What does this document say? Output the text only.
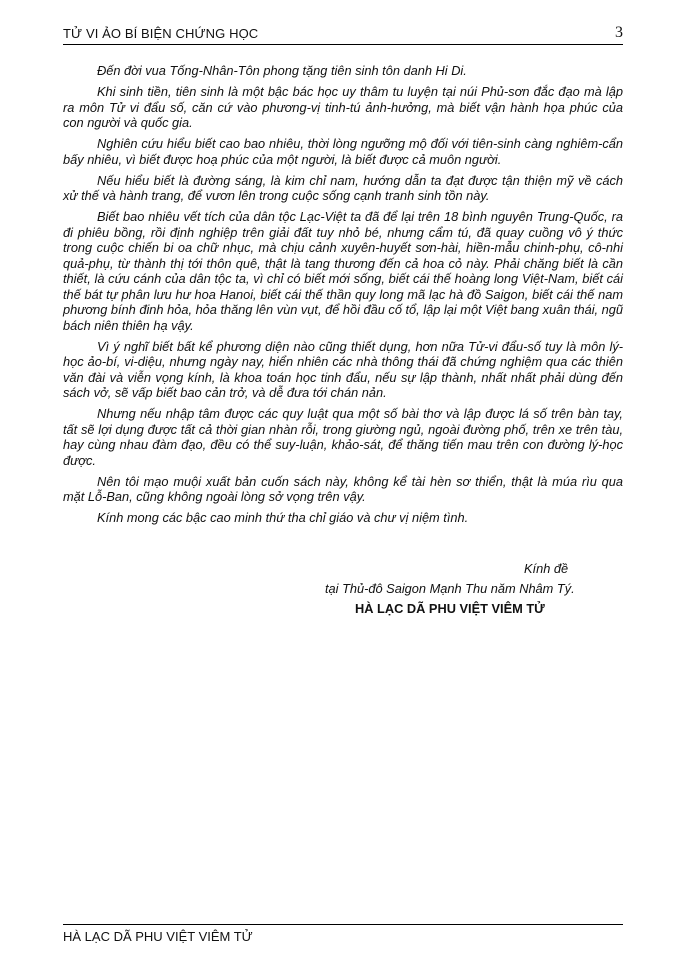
TỬ VI ẢO BÍ BIỆN CHỨNG HỌC	3

Đến đời vua Tống-Nhân-Tôn phong tặng tiên sinh tôn danh Hi Di.

Khi sinh tiền, tiên sinh là một bậc bác học uy thâm tu luyện tại núi Phủ-sơn đắc đạo mà lập ra môn Tử vi đẩu số, căn cứ vào phương-vị tinh-tú ảnh-hưởng, mà biết vận hành họa phúc của con người và quốc gia.

Nghiên cứu hiểu biết cao bao nhiêu, thời lòng ngưỡng mộ đối với tiên-sinh càng nghiêm-cẩn bấy nhiêu, vì biết được hoạ phúc của một người, là biết được cả muôn người.

Nếu hiểu biết là đường sáng, là kim chỉ nam, hướng dẫn ta đạt được tận thiện mỹ về cách xử thế và hành trang, để vươn lên trong cuộc sống cạnh tranh sinh tồn này.

Biết bao nhiêu vết tích của dân tộc Lạc-Việt ta đã để lại trên 18 bình nguyên Trung-Quốc, ra đi phiêu bồng, rồi định nghiệp trên giải đất tuy nhỏ bé, nhưng cẩm tú, đã quay cuồng vô ý thức trong cuộc chiến bi oa chữ nhục, mà chịu cảnh xuyên-huyết sơn-hài, hiền-mẫu chinh-phụ, cô-nhi quả-phụ, từ thành thị tới thôn quê, thật là tang thương đến cả hoa cỏ này. Phải chăng biết là cần thiết, là cứu cánh của dân tộc ta, vì chỉ có biết mới sống, biết cái thế hoàng long Việt-Nam, biết cái thế bát tự phân lưu hư hoa Hanoi, biết cái thế thần quy long mã lạc hà đồ Saigon, biết cái thế nam phương bính đinh hỏa, hỏa thăng lên vùn vụt, để hồi đầu cố tổ, lập lại một Việt bang xuân thái, ngũ bách niên thiên hạ vậy.

Vì ý nghĩ biết bất kể phương diện nào cũng thiết dụng, hơn nữa Tử-vi đẩu-số tuy là môn lý-học ảo-bí, vi-diệu, nhưng ngày nay, hiển nhiên các nhà thông thái đã chứng nghiệm qua các thiên văn đài và viễn vọng kính, là khoa toán học tinh đẩu, nếu sự lập thành, nhất nhất phải dùng đến sách vở, sẽ vấp biết bao cản trở, và dễ đưa tới chán nản.

Nhưng nếu nhập tâm được các quy luật qua một số bài thơ và lập được lá số trên bàn tay, tất sẽ lợi dụng được tất cả thời gian nhàn rỗi, trong giường ngủ, ngoài đường phố, trên xe trên tàu, hay cùng nhau đàm đạo, đều có thể suy-luận, khảo-sát, để thăng tiến mau trên con đường lý-học được.

Nên tôi mạo muội xuất bản cuốn sách này, không kể tài hèn sơ thiển, thật là múa rìu qua mặt Lỗ-Ban, cũng không ngoài lòng sở vọng trên vậy.

Kính mong các bậc cao minh thứ tha chỉ giáo và chư vị niệm tình.

Kính đề
tại Thủ-đô Saigon Mạnh Thu năm Nhâm Tý.
HÀ LẠC DÃ PHU VIỆT VIÊM TỬ
HÀ LẠC DÃ PHU VIỆT VIÊM TỬ
